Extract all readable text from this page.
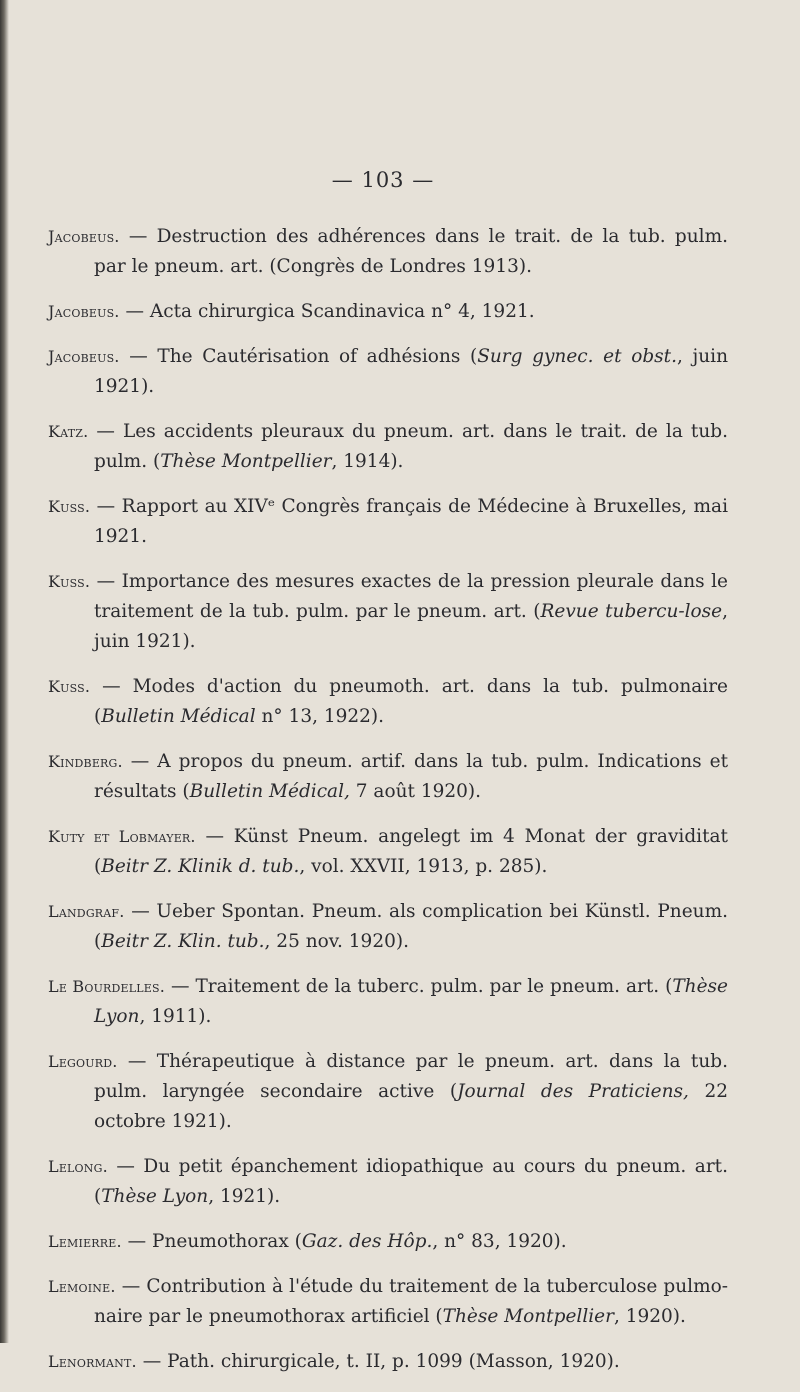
— 103 —
Jacobeus. — Destruction des adhérences dans le trait. de la tub. pulm. par le pneum. art. (Congrès de Londres 1913).
Jacobeus. — Acta chirurgica Scandinavica n° 4, 1921.
Jacobeus. — The Cautérisation of adhésions (Surg gynec. et obst., juin 1921).
Katz. — Les accidents pleuraux du pneum. art. dans le trait. de la tub. pulm. (Thèse Montpellier, 1914).
Kuss. — Rapport au XIVᵉ Congrès français de Médecine à Bruxelles, mai 1921.
Kuss. — Importance des mesures exactes de la pression pleurale dans le traitement de la tub. pulm. par le pneum. art. (Revue tubercu-lose, juin 1921).
Kuss. — Modes d'action du pneumoth. art. dans la tub. pulmonaire (Bulletin Médical n° 13, 1922).
Kindberg. — A propos du pneum. artif. dans la tub. pulm. Indications et résultats (Bulletin Médical, 7 août 1920).
Kuty et Lobmayer. — Künst Pneum. angelegt im 4 Monat der graviditat (Beitr Z. Klinik d. tub., vol. XXVII, 1913, p. 285).
Landgraf. — Ueber Spontan. Pneum. als complication bei Künstl. Pneum. (Beitr Z. Klin. tub., 25 nov. 1920).
Le Bourdelles. — Traitement de la tuberc. pulm. par le pneum. art. (Thèse Lyon, 1911).
Legourd. — Thérapeutique à distance par le pneum. art. dans la tub. pulm. laryngée secondaire active (Journal des Praticiens, 22 octobre 1921).
Lelong. — Du petit épanchement idiopathique au cours du pneum. art. (Thèse Lyon, 1921).
Lemierre. — Pneumothorax (Gaz. des Hôp., n° 83, 1920).
Lemoine. — Contribution à l'étude du traitement de la tuberculose pulmo-naire par le pneumothorax artificiel (Thèse Montpellier, 1920).
Lenormant. — Path. chirurgicale, t. II, p. 1099 (Masson, 1920).
